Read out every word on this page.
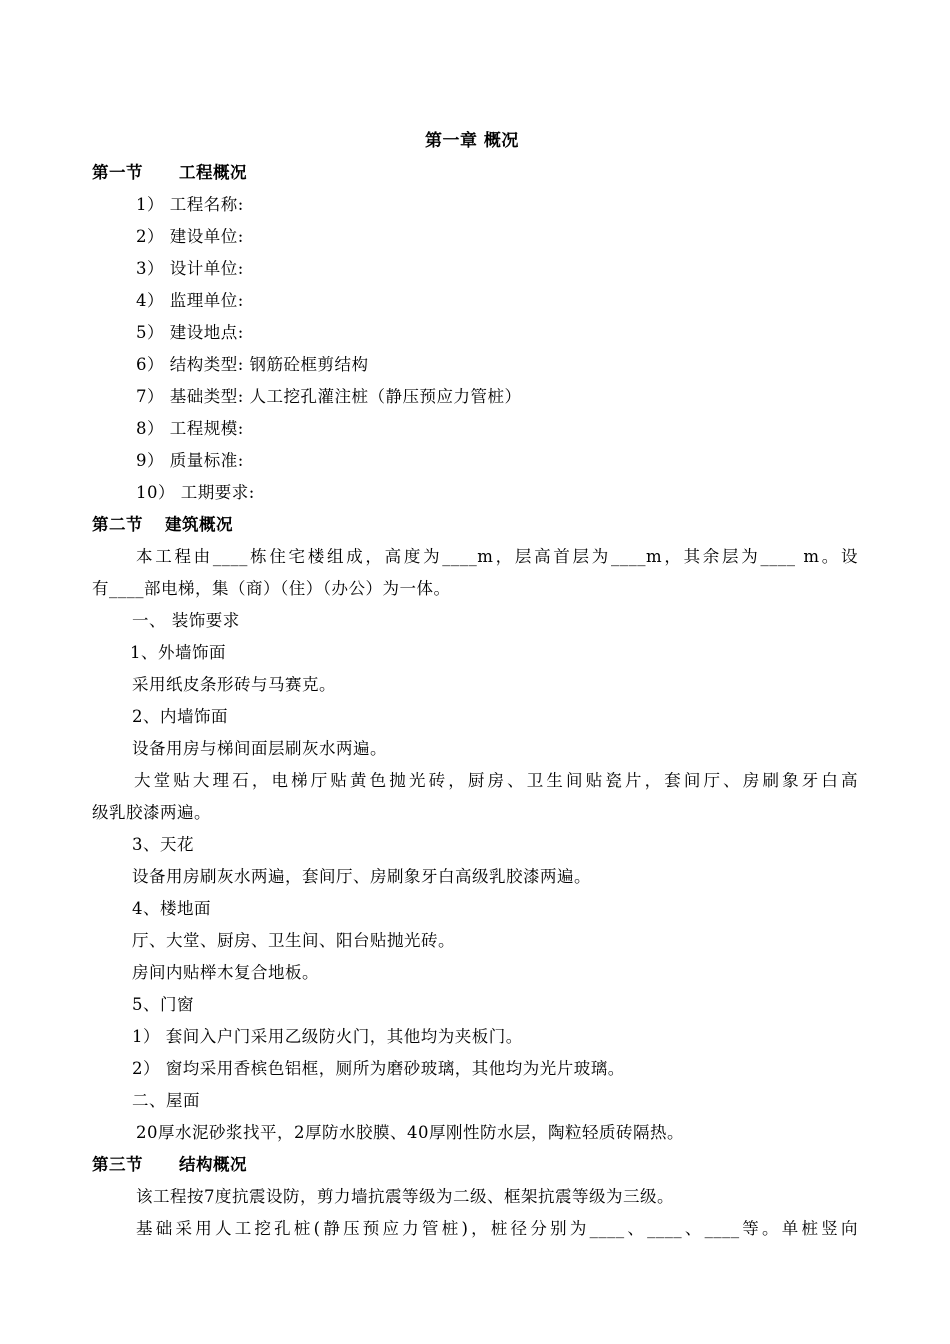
第一章 概况
第一节 工程概况
1） 工程名称:
2） 建设单位:
3） 设计单位:
4） 监理单位:
5） 建设地点:
6） 结构类型: 钢筋砼框剪结构
7） 基础类型: 人工挖孔灌注桩（静压预应力管桩）
8） 工程规模:
9） 质量标准:
10） 工期要求:
第二节 建筑概况
本工程由____栋住宅楼组成，高度为____m，层高首层为____m，其余层为____ m。设
有____部电梯，集（商）（住）（办公）为一体。
一、 装饰要求
1、外墙饰面
采用纸皮条形砖与马赛克。
2、内墙饰面
设备用房与梯间面层刷灰水两遍。
大堂贴大理石，电梯厅贴黄色抛光砖，厨房、卫生间贴瓷片，套间厅、房刷象牙白高
级乳胶漆两遍。
3、天花
设备用房刷灰水两遍，套间厅、房刷象牙白高级乳胶漆两遍。
4、楼地面
厅、大堂、厨房、卫生间、阳台贴抛光砖。
房间内贴榉木复合地板。
5、门窗
1） 套间入户门采用乙级防火门，其他均为夹板门。
2） 窗均采用香槟色铝框，厕所为磨砂玻璃，其他均为光片玻璃。
二、屋面
20厚水泥砂浆找平，2厚防水胶膜、40厚刚性防水层，陶粒轻质砖隔热。
第三节 结构概况
该工程按7度抗震设防，剪力墙抗震等级为二级、框架抗震等级为三级。
基础采用人工挖孔桩(静压预应力管桩)，桩径分别为____、____、____等。单桩竖向
